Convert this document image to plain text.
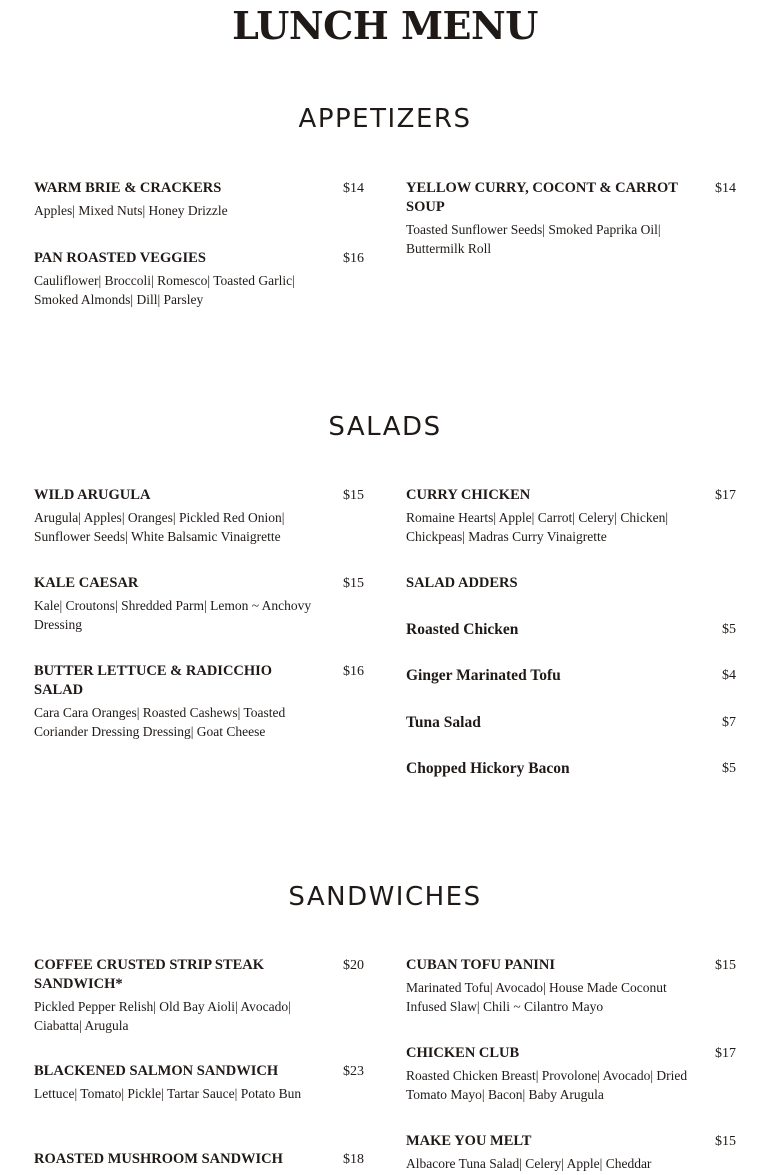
LUNCH MENU
APPETIZERS
WARM BRIE & CRACKERS	$14
Apples| Mixed Nuts| Honey Drizzle
PAN ROASTED VEGGIES	$16
Cauliflower| Broccoli| Romesco| Toasted Garlic| Smoked Almonds| Dill| Parsley
YELLOW CURRY, COCONT & CARROT SOUP
$14
Toasted Sunflower Seeds| Smoked Paprika Oil| Buttermilk Roll
SALADS
WILD ARUGULA	$15
Arugula| Apples| Oranges| Pickled Red Onion| Sunflower Seeds| White Balsamic Vinaigrette
KALE CAESAR	$15
Kale| Croutons| Shredded Parm| Lemon ~ Anchovy Dressing
BUTTER LETTUCE & RADICCHIO SALAD
$16
Cara Cara Oranges| Roasted Cashews| Toasted Coriander Dressing Dressing| Goat Cheese
CURRY CHICKEN	$17
Romaine Hearts| Apple| Carrot| Celery| Chicken| Chickpeas| Madras Curry Vinaigrette
SALAD ADDERS
Roasted Chicken	$5
Ginger Marinated Tofu	$4
Tuna Salad	$7
Chopped Hickory Bacon	$5
SANDWICHES
COFFEE CRUSTED STRIP STEAK SANDWICH*
$20
Pickled Pepper Relish| Old Bay Aioli| Avocado| Ciabatta| Arugula
BLACKENED SALMON SANDWICH	$23
Lettuce| Tomato| Pickle| Tartar Sauce| Potato Bun
ROASTED MUSHROOM SANDWICH	$18
CUBAN TOFU PANINI	$15
Marinated Tofu| Avocado| House Made Coconut Infused Slaw| Chili ~ Cilantro Mayo
CHICKEN CLUB	$17
Roasted Chicken Breast| Provolone| Avocado| Dried Tomato Mayo| Bacon| Baby Arugula
MAKE YOU MELT	$15
Albacore Tuna Salad| Celery| Apple| Cheddar
